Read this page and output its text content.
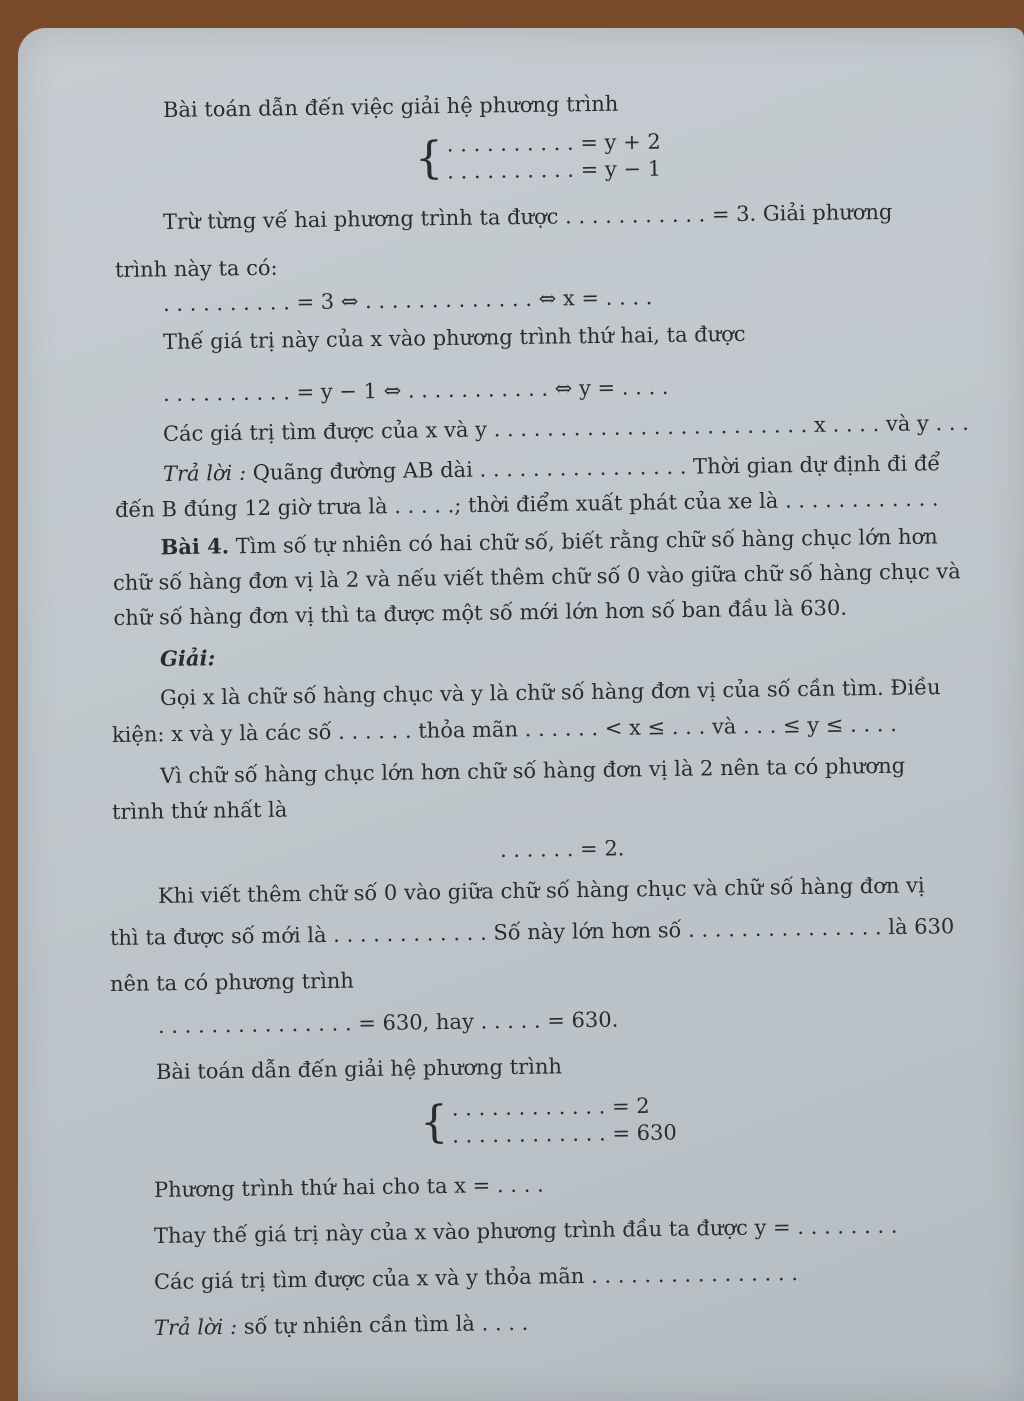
Bài toán dẫn đến việc giải hệ phương trình
{ . . . . . . . . . . = y + 2
. . . . . . . . . . = y − 1
Trừ từng vế hai phương trình ta được . . . . . . . . . . . = 3. Giải phương
trình này ta có:
. . . . . . . . . . = 3 ⇔ . . . . . . . . . . . . . ⇔ x = . . . .
Thế giá trị này của x vào phương trình thứ hai, ta được
. . . . . . . . . . = y − 1 ⇔ . . . . . . . . . . . ⇔ y = . . . .
Các giá trị tìm được của x và y . . . . . . . . . . . . . . . . . . . . . . . . x . . . . và y . . .
Trả lời : Quãng đường AB dài . . . . . . . . . . . . . . . . Thời gian dự định đi để
đến B đúng 12 giờ trưa là . . . . .; thời điểm xuất phát của xe là . . . . . . . . . . . .
Bài 4. Tìm số tự nhiên có hai chữ số, biết rằng chữ số hàng chục lớn hơn chữ số hàng đơn vị là 2 và nếu viết thêm chữ số 0 vào giữa chữ số hàng chục và chữ số hàng đơn vị thì ta được một số mới lớn hơn số ban đầu là 630.
Giải:
Gọi x là chữ số hàng chục và y là chữ số hàng đơn vị của số cần tìm. Điều
kiện: x và y là các số . . . . . . thỏa mãn . . . . . . < x ≤ . . . và . . . ≤ y ≤ . . . .
Vì chữ số hàng chục lớn hơn chữ số hàng đơn vị là 2 nên ta có phương
trình thứ nhất là
. . . . . . = 2.
Khi viết thêm chữ số 0 vào giữa chữ số hàng chục và chữ số hàng đơn vị
thì ta được số mới là . . . . . . . . . . . . Số này lớn hơn số . . . . . . . . . . . . . . . là 630
nên ta có phương trình
. . . . . . . . . . . . . . . = 630, hay . . . . . = 630.
Bài toán dẫn đến giải hệ phương trình
{ . . . . . . . . . . . . = 2
. . . . . . . . . . . . = 630
Phương trình thứ hai cho ta x = . . . .
Thay thế giá trị này của x vào phương trình đầu ta được y = . . . . . . . .
Các giá trị tìm được của x và y thỏa mãn . . . . . . . . . . . . . . . .
Trả lời : số tự nhiên cần tìm là . . . .
